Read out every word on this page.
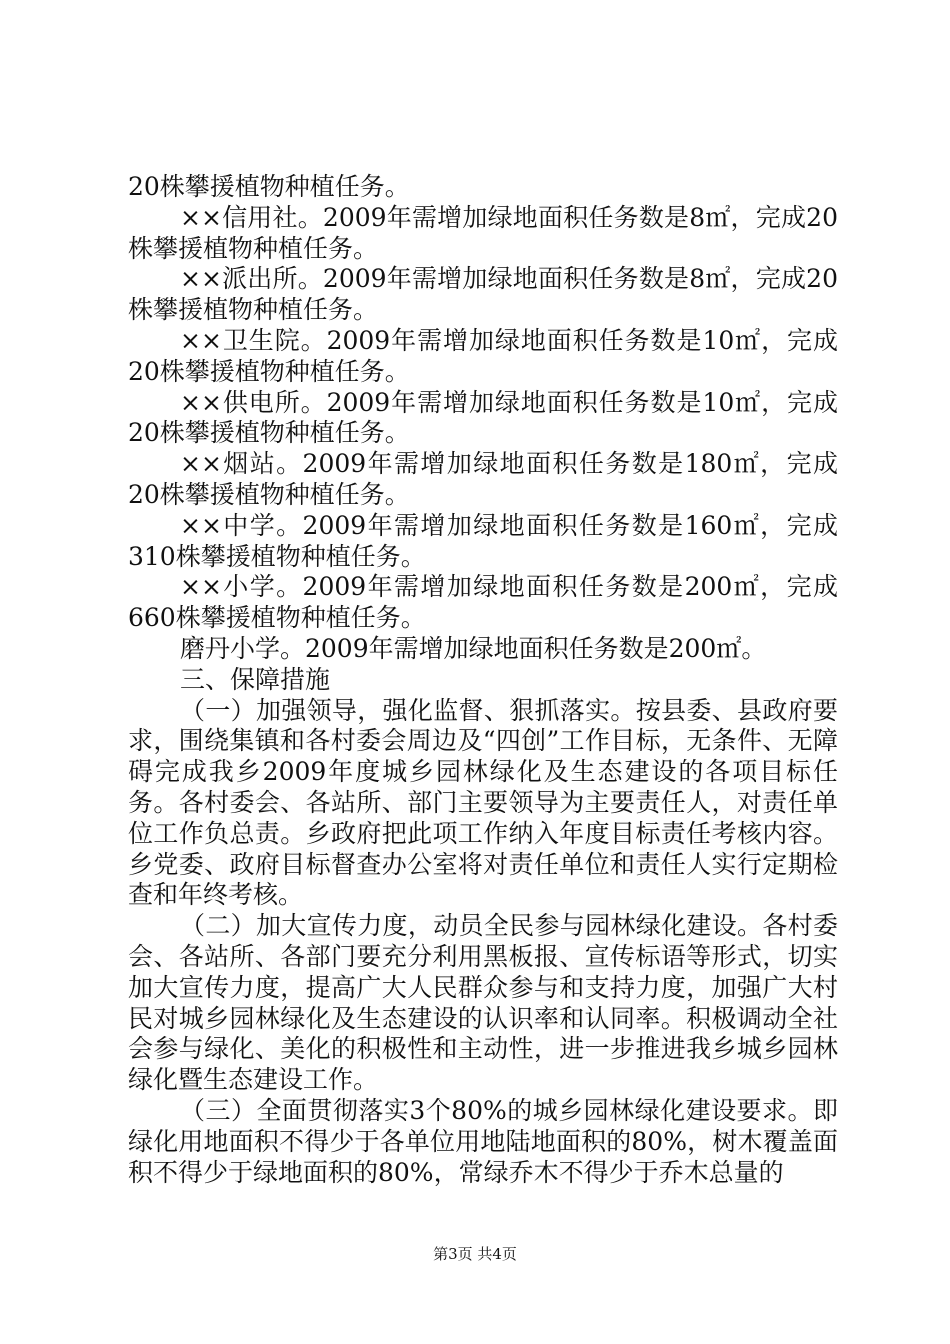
20株攀援植物种植任务。

××信用社。2009年需增加绿地面积任务数是8㎡，完成20株攀援植物种植任务。

××派出所。2009年需增加绿地面积任务数是8㎡，完成20株攀援植物种植任务。

××卫生院。2009年需增加绿地面积任务数是10㎡，完成20株攀援植物种植任务。

××供电所。2009年需增加绿地面积任务数是10㎡，完成20株攀援植物种植任务。

××烟站。2009年需增加绿地面积任务数是180㎡，完成20株攀援植物种植任务。

××中学。2009年需增加绿地面积任务数是160㎡，完成310株攀援植物种植任务。

××小学。2009年需增加绿地面积任务数是200㎡，完成660株攀援植物种植任务。

磨丹小学。2009年需增加绿地面积任务数是200㎡。

三、保障措施

（一）加强领导，强化监督、狠抓落实。按县委、县政府要求，围绕集镇和各村委会周边及“四创”工作目标，无条件、无障碍完成我乡2009年度城乡园林绿化及生态建设的各项目标任务。各村委会、各站所、部门主要领导为主要责任人，对责任单位工作负总责。乡政府把此项工作纳入年度目标责任考核内容。乡党委、政府目标督查办公室将对责任单位和责任人实行定期检查和年终考核。

（二）加大宣传力度，动员全民参与园林绿化建设。各村委会、各站所、各部门要充分利用黑板报、宣传标语等形式，切实加大宣传力度，提高广大人民群众参与和支持力度，加强广大村民对城乡园林绿化及生态建设的认识率和认同率。积极调动全社会参与绿化、美化的积极性和主动性，进一步推进我乡城乡园林绿化暨生态建设工作。

（三）全面贯彻落实3个80%的城乡园林绿化建设要求。即绿化用地面积不得少于各单位用地陆地面积的80%，树木覆盖面积不得少于绿地面积的80%，常绿乔木不得少于乔木总量的

第3页 共4页
